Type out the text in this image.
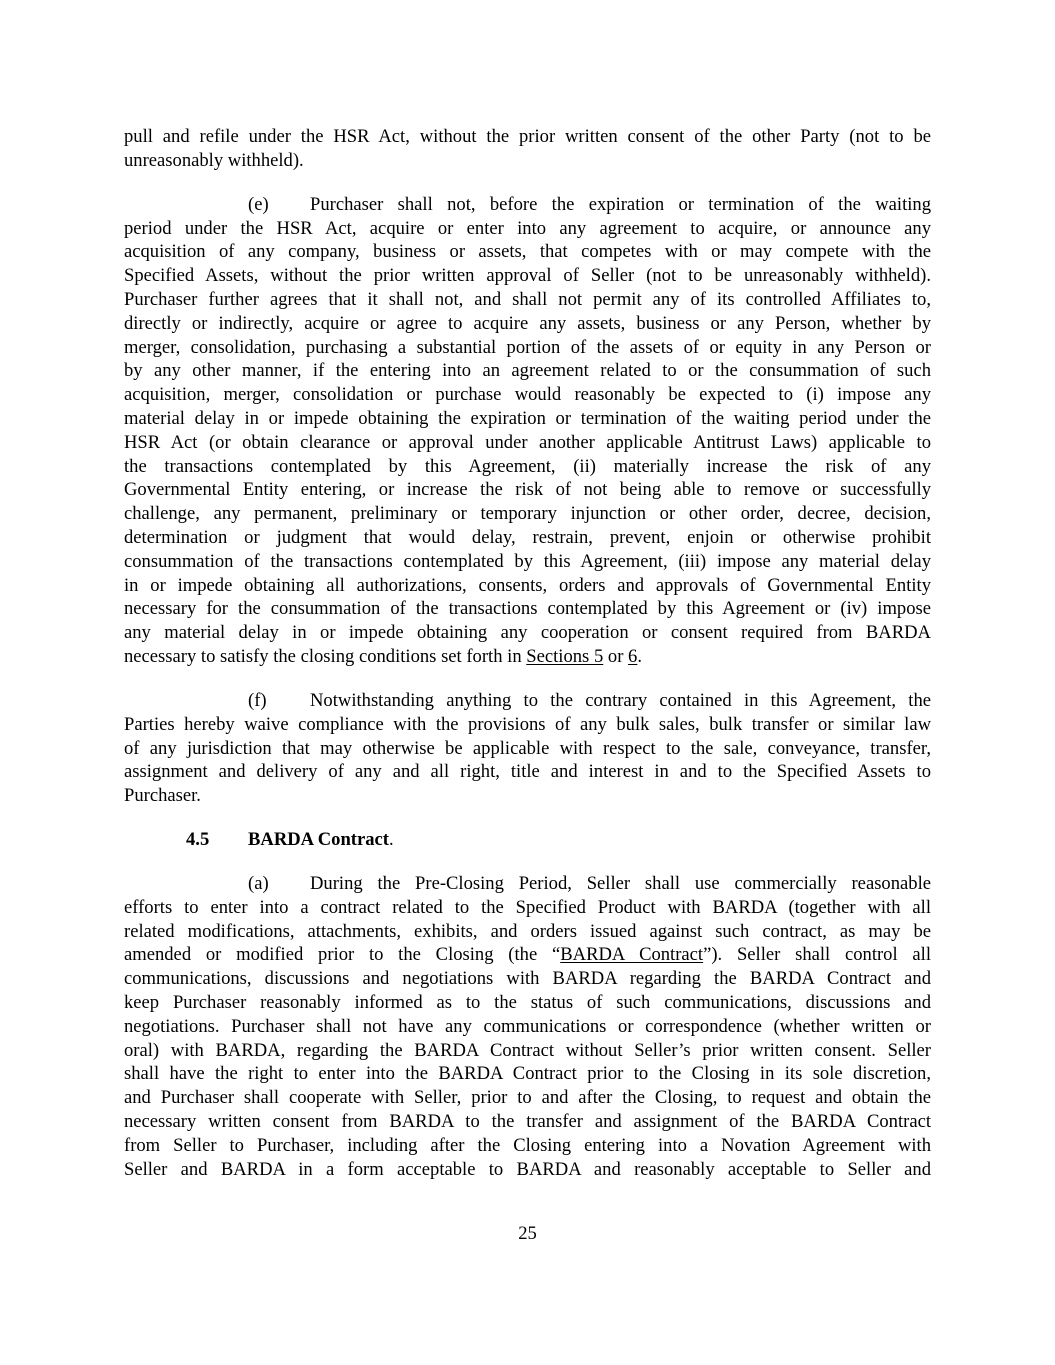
pull and refile under the HSR Act, without the prior written consent of the other Party (not to be
unreasonably withheld).
(e) Purchaser shall not, before the expiration or termination of the waiting
period under the HSR Act, acquire or enter into any agreement to acquire, or announce any
acquisition of any company, business or assets, that competes with or may compete with the
Specified Assets, without the prior written approval of Seller (not to be unreasonably withheld).
Purchaser further agrees that it shall not, and shall not permit any of its controlled Affiliates to,
directly or indirectly, acquire or agree to acquire any assets, business or any Person, whether by
merger, consolidation, purchasing a substantial portion of the assets of or equity in any Person or
by any other manner, if the entering into an agreement related to or the consummation of such
acquisition, merger, consolidation or purchase would reasonably be expected to (i) impose any
material delay in or impede obtaining the expiration or termination of the waiting period under the
HSR Act (or obtain clearance or approval under another applicable Antitrust Laws) applicable to
the transactions contemplated by this Agreement, (ii) materially increase the risk of any
Governmental Entity entering, or increase the risk of not being able to remove or successfully
challenge, any permanent, preliminary or temporary injunction or other order, decree, decision,
determination or judgment that would delay, restrain, prevent, enjoin or otherwise prohibit
consummation of the transactions contemplated by this Agreement, (iii) impose any material delay
in or impede obtaining all authorizations, consents, orders and approvals of Governmental Entity
necessary for the consummation of the transactions contemplated by this Agreement or (iv) impose
any material delay in or impede obtaining any cooperation or consent required from BARDA
necessary to satisfy the closing conditions set forth in Sections 5 or 6.
(f) Notwithstanding anything to the contrary contained in this Agreement, the
Parties hereby waive compliance with the provisions of any bulk sales, bulk transfer or similar law
of any jurisdiction that may otherwise be applicable with respect to the sale, conveyance, transfer,
assignment and delivery of any and all right, title and interest in and to the Specified Assets to
Purchaser.
4.5 BARDA Contract.
(a) During the Pre-Closing Period, Seller shall use commercially reasonable
efforts to enter into a contract related to the Specified Product with BARDA (together with all
related modifications, attachments, exhibits, and orders issued against such contract, as may be
amended or modified prior to the Closing (the “BARDA Contract”). Seller shall control all
communications, discussions and negotiations with BARDA regarding the BARDA Contract and
keep Purchaser reasonably informed as to the status of such communications, discussions and
negotiations. Purchaser shall not have any communications or correspondence (whether written or
oral) with BARDA, regarding the BARDA Contract without Seller’s prior written consent. Seller
shall have the right to enter into the BARDA Contract prior to the Closing in its sole discretion,
and Purchaser shall cooperate with Seller, prior to and after the Closing, to request and obtain the
necessary written consent from BARDA to the transfer and assignment of the BARDA Contract
from Seller to Purchaser, including after the Closing entering into a Novation Agreement with
Seller and BARDA in a form acceptable to BARDA and reasonably acceptable to Seller and
25
